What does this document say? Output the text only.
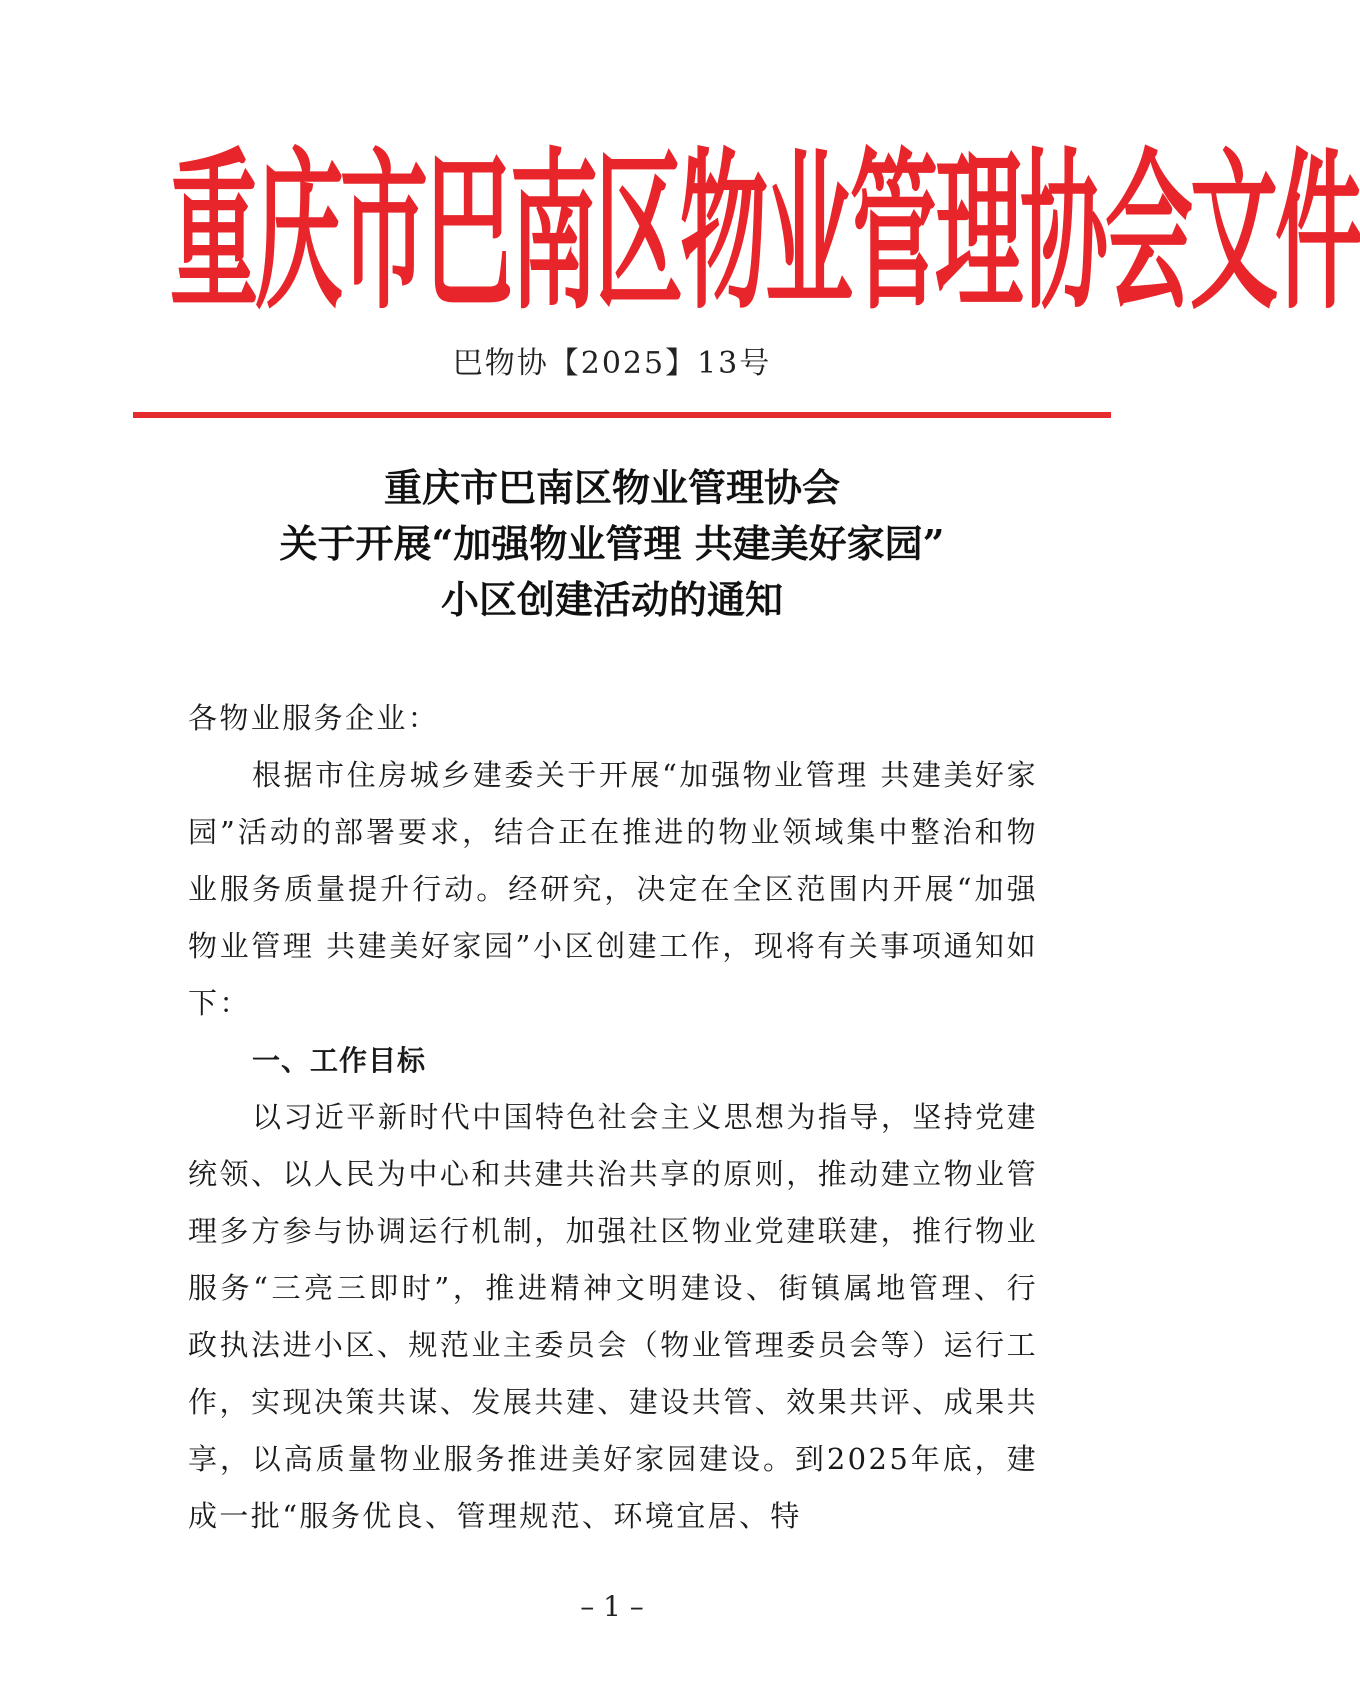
重庆市巴南区物业管理协会文件
巴物协【2025】13号
重庆市巴南区物业管理协会
关于开展“加强物业管理 共建美好家园”
小区创建活动的通知

各物业服务企业：

根据市住房城乡建委关于开展“加强物业管理 共建美好家园”活动的部署要求，结合正在推进的物业领域集中整治和物业服务质量提升行动。经研究，决定在全区范围内开展“加强物业管理 共建美好家园”小区创建工作，现将有关事项通知如下：

一、工作目标

以习近平新时代中国特色社会主义思想为指导，坚持党建统领、以人民为中心和共建共治共享的原则，推动建立物业管理多方参与协调运行机制，加强社区物业党建联建，推行物业服务“三亮三即时”，推进精神文明建设、街镇属地管理、行政执法进小区、规范业主委员会（物业管理委员会等）运行工作，实现决策共谋、发展共建、建设共管、效果共评、成果共享，以高质量物业服务推进美好家园建设。到2025年底，建成一批“服务优良、管理规范、环境宜居、特

– 1 –
